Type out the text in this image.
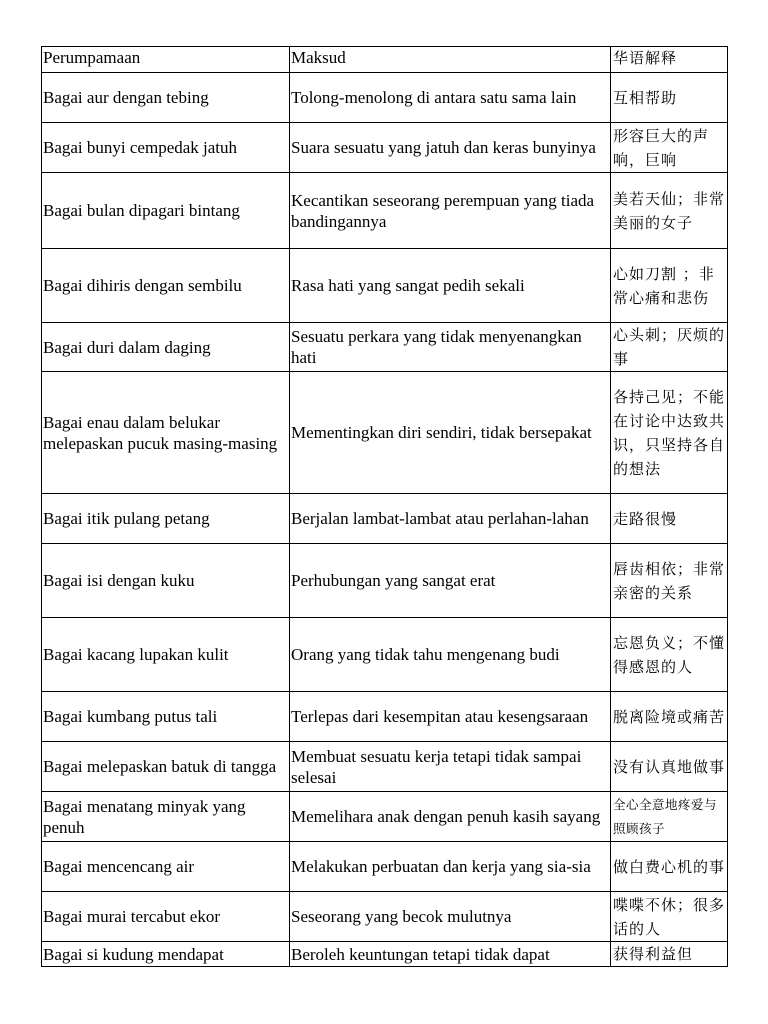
Perumpamaan	Maksud	华语解释
Bagai aur dengan tebing	Tolong-menolong di antara satu sama lain	互相帮助
Bagai bunyi cempedak jatuh	Suara sesuatu yang jatuh dan keras bunyinya	形容巨大的声响，巨响
Bagai bulan dipagari bintang	Kecantikan seseorang perempuan yang tiada bandingannya	美若天仙；非常美丽的女子
Bagai dihiris dengan sembilu	Rasa hati yang sangat pedih sekali	心如刀割 ；非常心痛和悲伤
Bagai duri dalam daging	Sesuatu perkara yang tidak menyenangkan hati	心头刺；厌烦的事
Bagai enau dalam belukar melepaskan pucuk masing-masing	Mementingkan diri sendiri, tidak bersepakat	各持己见；不能在讨论中达致共识，只坚持各自的想法
Bagai itik pulang petang	Berjalan lambat-lambat atau perlahan-lahan	走路很慢
Bagai isi dengan kuku	Perhubungan yang sangat erat	唇齿相依；非常亲密的关系
Bagai kacang lupakan kulit	Orang yang tidak tahu mengenang budi	忘恩负义；不懂得感恩的人
Bagai kumbang putus tali	Terlepas dari kesempitan atau kesengsaraan	脱离险境或痛苦
Bagai melepaskan batuk di tangga	Membuat sesuatu kerja tetapi tidak sampai selesai	没有认真地做事
Bagai menatang minyak yang penuh	Memelihara anak dengan penuh kasih sayang	全心全意地疼爱与照顾孩子
Bagai mencencang air	Melakukan perbuatan dan kerja yang sia-sia	做白费心机的事
Bagai murai tercabut ekor	Seseorang yang becok mulutnya	喋喋不休；很多话的人
Bagai si kudung mendapat	Beroleh keuntungan tetapi tidak dapat	获得利益但
